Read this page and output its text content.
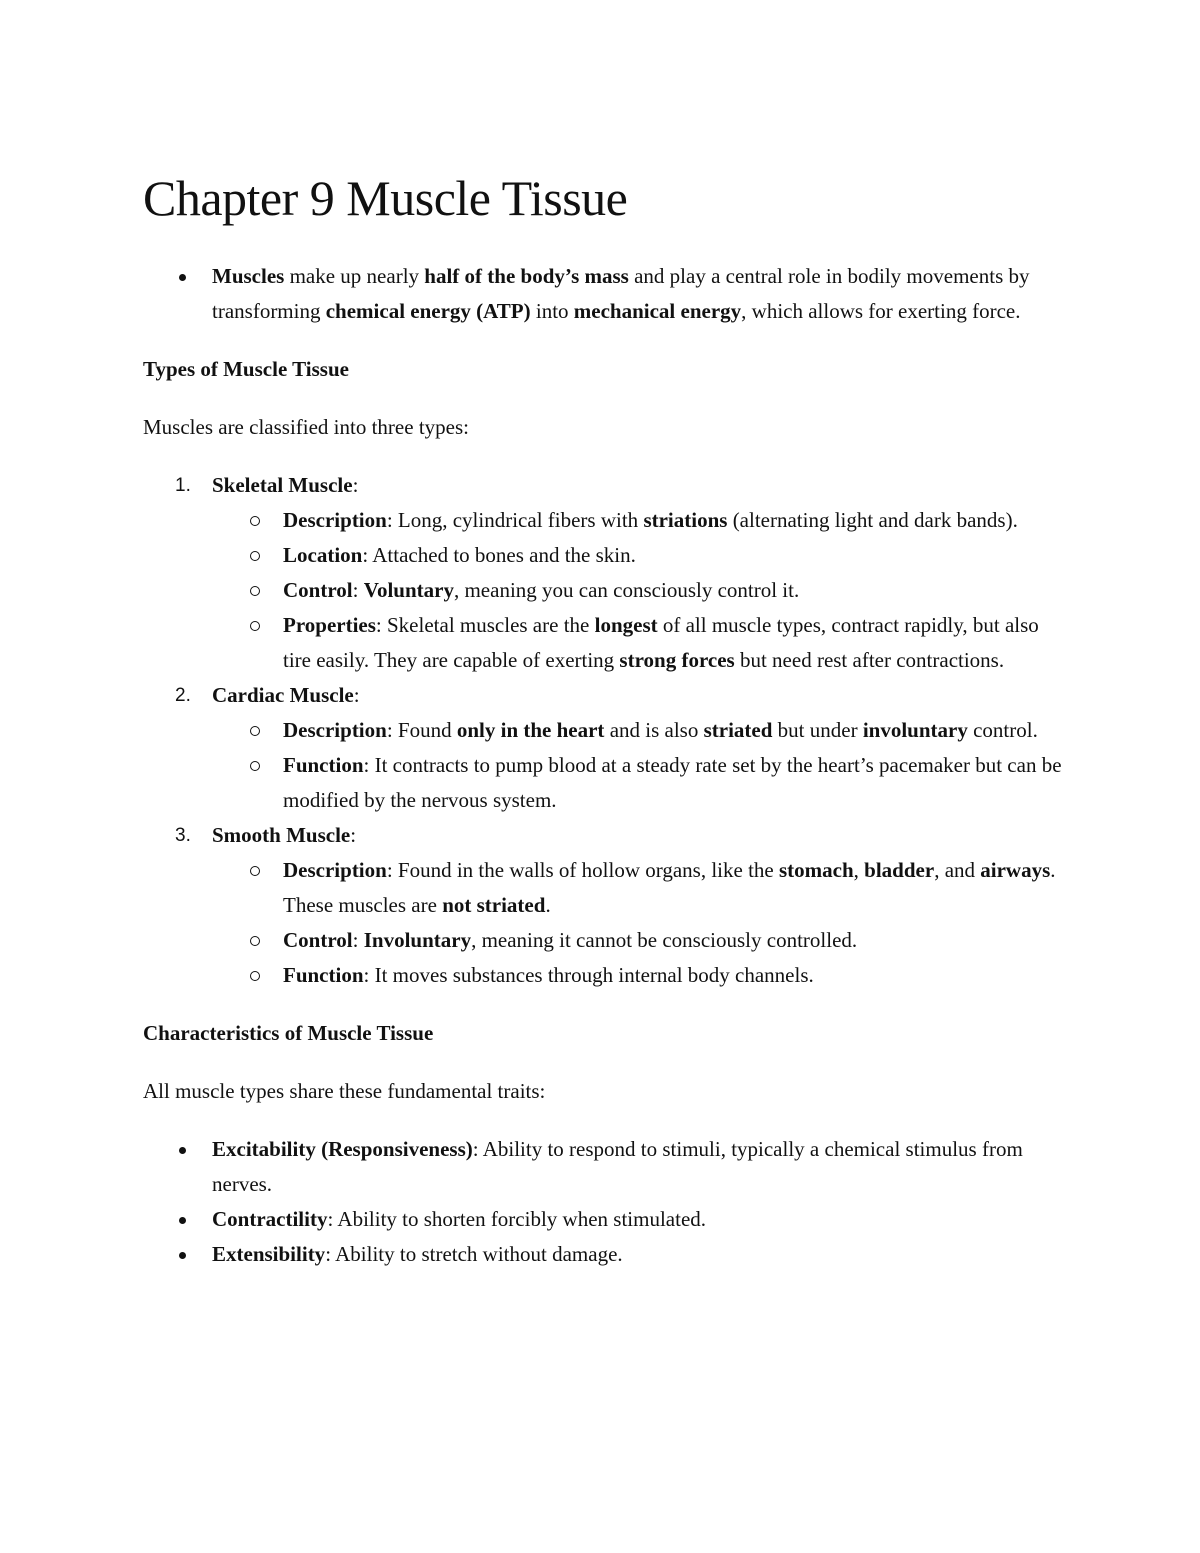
Chapter 9 Muscle Tissue
Muscles make up nearly half of the body’s mass and play a central role in bodily movements by transforming chemical energy (ATP) into mechanical energy, which allows for exerting force.

Types of Muscle Tissue

Muscles are classified into three types:

1. Skeletal Muscle:
Description: Long, cylindrical fibers with striations (alternating light and dark bands).
Location: Attached to bones and the skin.
Control: Voluntary, meaning you can consciously control it.
Properties: Skeletal muscles are the longest of all muscle types, contract rapidly, but also tire easily. They are capable of exerting strong forces but need rest after contractions.
2. Cardiac Muscle:
Description: Found only in the heart and is also striated but under involuntary control.
Function: It contracts to pump blood at a steady rate set by the heart’s pacemaker but can be modified by the nervous system.
3. Smooth Muscle:
Description: Found in the walls of hollow organs, like the stomach, bladder, and airways. These muscles are not striated.
Control: Involuntary, meaning it cannot be consciously controlled.
Function: It moves substances through internal body channels.

Characteristics of Muscle Tissue

All muscle types share these fundamental traits:

Excitability (Responsiveness): Ability to respond to stimuli, typically a chemical stimulus from nerves.
Contractility: Ability to shorten forcibly when stimulated.
Extensibility: Ability to stretch without damage.
